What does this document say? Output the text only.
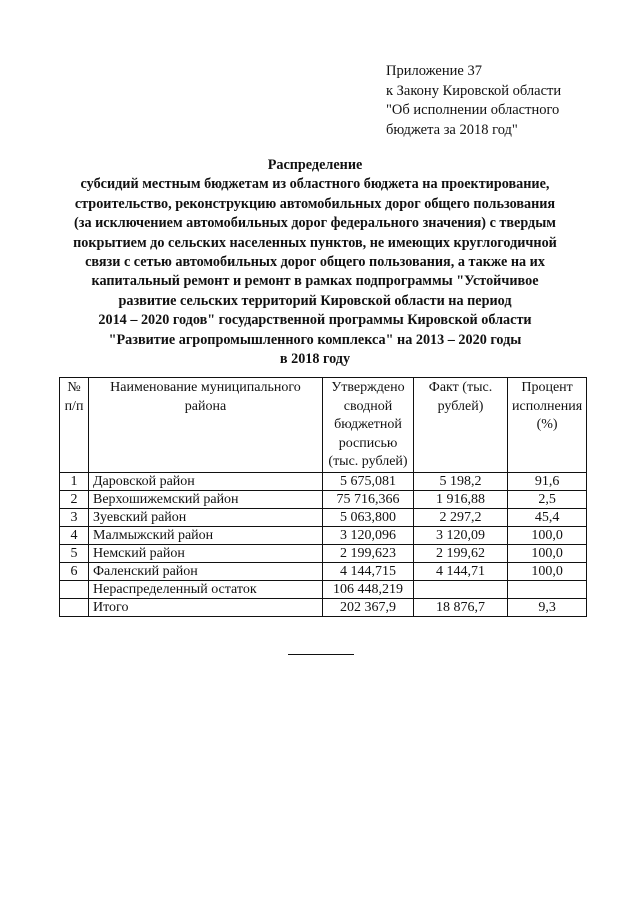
Приложение 37
к Закону Кировской области
"Об исполнении областного
бюджета за 2018 год"
Распределение
субсидий местным бюджетам из областного бюджета на проектирование,
строительство, реконструкцию автомобильных дорог общего пользования
(за исключением автомобильных дорог федерального значения) с твердым
покрытием до сельских населенных пунктов, не имеющих круглогодичной
связи с сетью автомобильных дорог общего пользования, а также на их
капитальный ремонт и ремонт в рамках подпрограммы "Устойчивое
развитие сельских территорий Кировской области на период
2014 – 2020 годов" государственной программы Кировской области
"Развитие агропромышленного комплекса" на 2013 – 2020 годы
в 2018 году
№ п/п	Наименование муниципального района	Утверждено сводной бюджетной росписью (тыс. рублей)	Факт (тыс. рублей)	Процент исполнения (%)
1	Даровской район	5 675,081	5 198,2	91,6
2	Верхошижемский район	75 716,366	1 916,88	2,5
3	Зуевский район	5 063,800	2 297,2	45,4
4	Малмыжский район	3 120,096	3 120,09	100,0
5	Немский район	2 199,623	2 199,62	100,0
6	Фаленский район	4 144,715	4 144,71	100,0
	Нераспределенный остаток	106 448,219		
	Итого	202 367,9	18 876,7	9,3
